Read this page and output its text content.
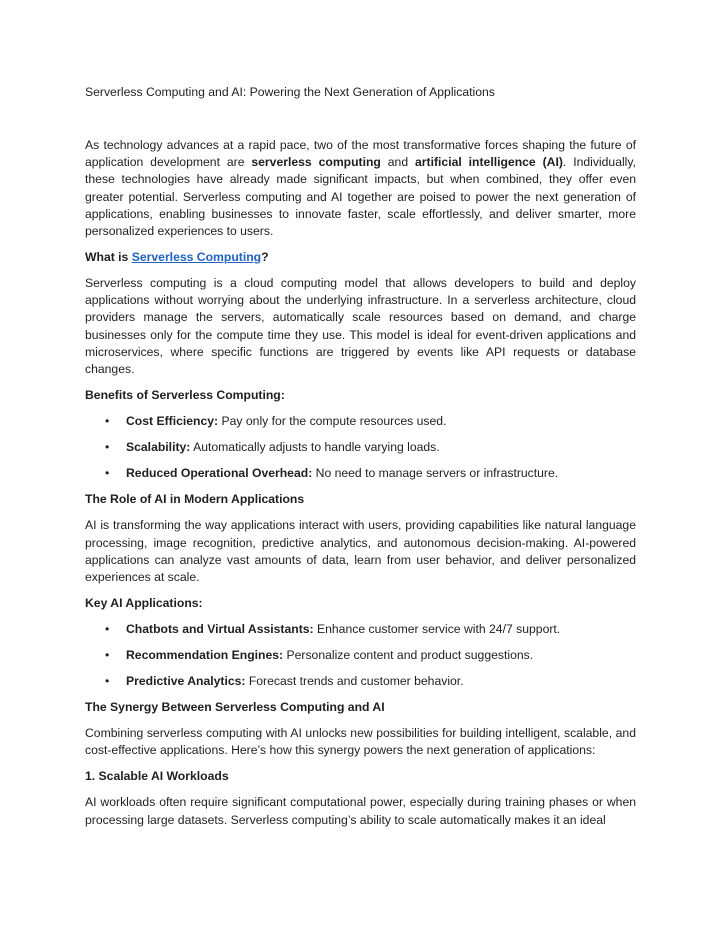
Serverless Computing and AI: Powering the Next Generation of Applications

As technology advances at a rapid pace, two of the most transformative forces shaping the future of application development are serverless computing and artificial intelligence (AI). Individually, these technologies have already made significant impacts, but when combined, they offer even greater potential. Serverless computing and AI together are poised to power the next generation of applications, enabling businesses to innovate faster, scale effortlessly, and deliver smarter, more personalized experiences to users.

What is Serverless Computing?

Serverless computing is a cloud computing model that allows developers to build and deploy applications without worrying about the underlying infrastructure. In a serverless architecture, cloud providers manage the servers, automatically scale resources based on demand, and charge businesses only for the compute time they use. This model is ideal for event-driven applications and microservices, where specific functions are triggered by events like API requests or database changes.

Benefits of Serverless Computing:

• Cost Efficiency: Pay only for the compute resources used.
• Scalability: Automatically adjusts to handle varying loads.
• Reduced Operational Overhead: No need to manage servers or infrastructure.

The Role of AI in Modern Applications

AI is transforming the way applications interact with users, providing capabilities like natural language processing, image recognition, predictive analytics, and autonomous decision-making. AI-powered applications can analyze vast amounts of data, learn from user behavior, and deliver personalized experiences at scale.

Key AI Applications:

• Chatbots and Virtual Assistants: Enhance customer service with 24/7 support.
• Recommendation Engines: Personalize content and product suggestions.
• Predictive Analytics: Forecast trends and customer behavior.

The Synergy Between Serverless Computing and AI

Combining serverless computing with AI unlocks new possibilities for building intelligent, scalable, and cost-effective applications. Here’s how this synergy powers the next generation of applications:

1. Scalable AI Workloads

AI workloads often require significant computational power, especially during training phases or when processing large datasets. Serverless computing’s ability to scale automatically makes it an ideal
